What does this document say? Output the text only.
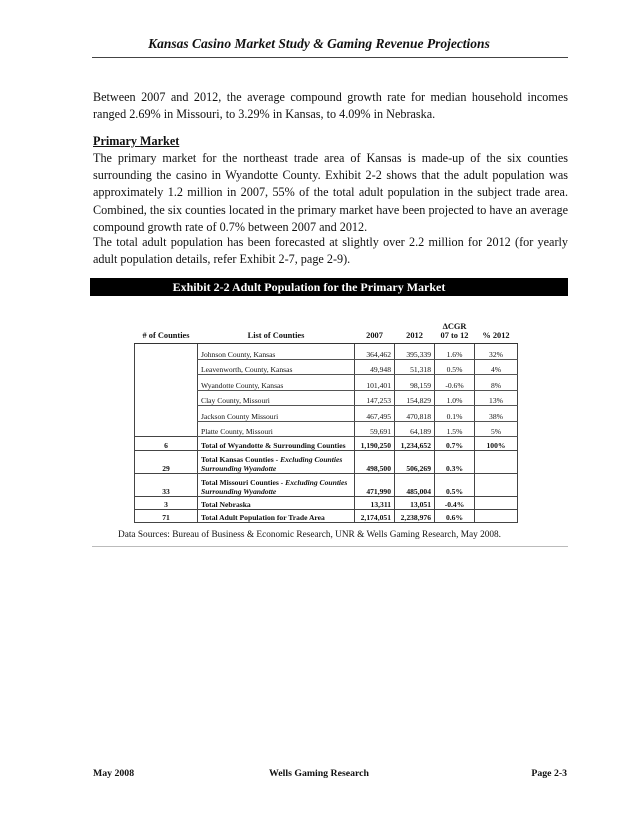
Kansas Casino Market Study & Gaming Revenue Projections

Between 2007 and 2012, the average compound growth rate for median household incomes ranged 2.69% in Missouri, to 3.29% in Kansas, to 4.09% in Nebraska.

Primary Market

The primary market for the northeast trade area of Kansas is made-up of the six counties surrounding the casino in Wyandotte County. Exhibit 2-2 shows that the adult population was approximately 1.2 million in 2007, 55% of the total adult population in the subject trade area. Combined, the six counties located in the primary market have been projected to have an average compound growth rate of 0.7% between 2007 and 2012.

The total adult population has been forecasted at slightly over 2.2 million for 2012 (for yearly adult population details, refer Exhibit 2-7, page 2-9).

Exhibit 2-2 Adult Population for the Primary Market
# of Counties	List of Counties	2007	2012	ΔCGR 07 to 12	% 2012

	Johnson County, Kansas	364,462	395,339	1.6%	32%
	Leavenworth, County, Kansas	49,948	51,318	0.5%	4%
	Wyandotte County, Kansas	101,401	98,159	-0.6%	8%
	Clay County, Missouri	147,253	154,829	1.0%	13%
	Jackson County Missouri	467,495	470,818	0.1%	38%
	Platte County, Missouri	59,691	64,189	1.5%	5%
6	Total of Wyandotte & Surrounding Counties	1,190,250	1,234,652	0.7%	100%
29	Total Kansas Counties - Excluding Counties Surrounding Wyandotte	498,500	506,269	0.3%	
33	Total Missouri Counties - Excluding Counties Surrounding Wyandotte	471,990	485,004	0.5%	
3	Total Nebraska	13,311	13,051	-0.4%	
71	Total Adult Population for Trade Area	2,174,051	2,238,976	0.6%	
Data Sources: Bureau of Business & Economic Research, UNR & Wells Gaming Research, May 2008.
May 2008	Wells Gaming Research	Page 2-3
